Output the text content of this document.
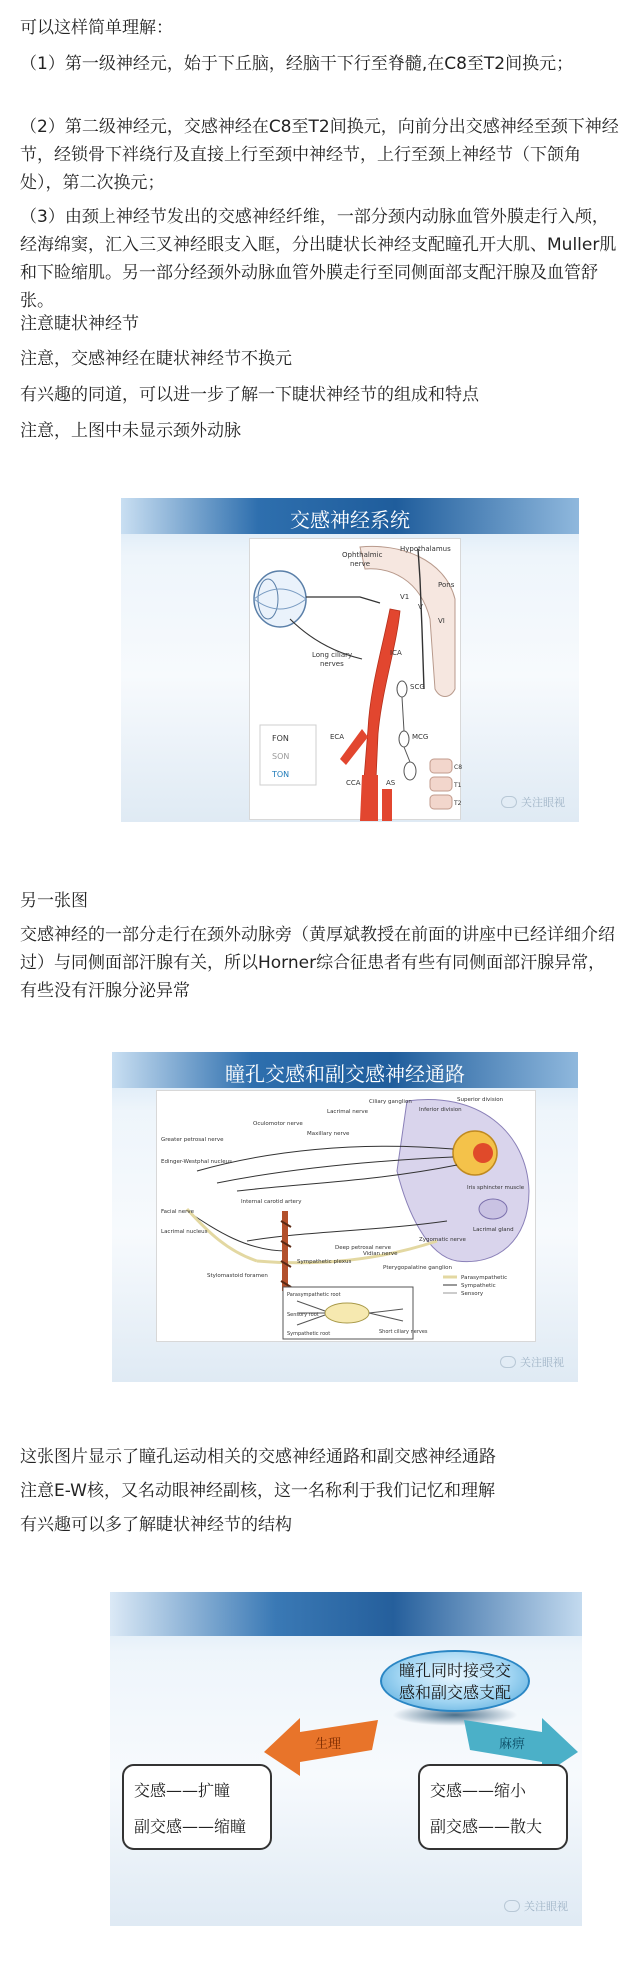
可以这样简单理解：
（1）第一级神经元，始于下丘脑，经脑干下行至脊髓,在C8至T2间换元；
（2）第二级神经元，交感神经在C8至T2间换元，向前分出交感神经至颈下神经节，经锁骨下袢绕行及直接上行至颈中神经节，上行至颈上神经节（下颌角处），第二次换元；
（3）由颈上神经节发出的交感神经纤维，一部分颈内动脉血管外膜走行入颅，经海绵窦，汇入三叉神经眼支入眶，分出睫状长神经支配瞳孔开大肌、Muller肌和下睑缩肌。另一部分经颈外动脉血管外膜走行至同侧面部支配汗腺及血管舒张。
注意睫状神经节
注意，交感神经在睫状神经节不换元
有兴趣的同道，可以进一步了解一下睫状神经节的组成和特点
注意，上图中未显示颈外动脉
交感神经系统
Hypothalamus
Ophthalmic
nerve
Pons
V1
V
VI
Long ciliary
nerves
ICA
SCG
ECA	MCG
CCA	AS
C8
T1
T2
FON
SON
TON
关注眼视
另一张图
交感神经的一部分走行在颈外动脉旁（黄厚斌教授在前面的讲座中已经详细介绍过）与同侧面部汗腺有关，所以Horner综合征患者有些有同侧面部汗腺异常，有些没有汗腺分泌异常
瞳孔交感和副交感神经通路
Ciliary ganglion	Superior division
Inferior division
Lacrimal nerve
Oculomotor nerve
Maxillary nerve
Greater petrosal nerve
Edinger-Westphal nucleus
Iris sphincter muscle
Lacrimal gland
Facial nerve
Internal carotid artery
Zygomatic nerve
Lacrimal nucleus
Pterygopalatine ganglion
Sympathetic plexus
Deep petrosal nerve
Vidian nerve
Stylomastoid foramen
Parasympathetic root
Sensory root
Sympathetic root	Short ciliary nerves
Parasympathetic
Sympathetic
Sensory
关注眼视
这张图片显示了瞳孔运动相关的交感神经通路和副交感神经通路
注意E-W核，又名动眼神经副核，这一名称利于我们记忆和理解
有兴趣可以多了解睫状神经节的结构
瞳孔同时接受交
感和副交感支配
生理	麻痹
交感——扩瞳
副交感——缩瞳
交感——缩小
副交感——散大
关注眼视
